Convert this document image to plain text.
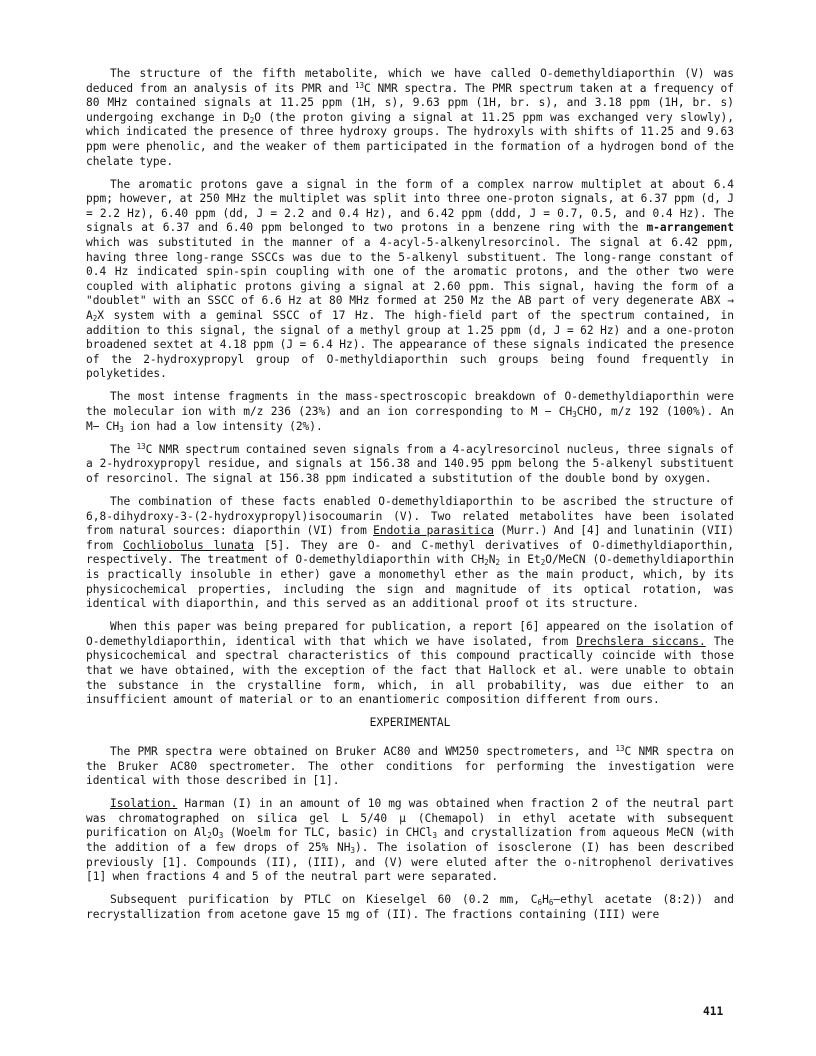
The structure of the fifth metabolite, which we have called O-demethyldiaporthin (V) was deduced from an analysis of its PMR and $^{13}$C NMR spectra. The PMR spectrum taken at a frequency of 80 MHz contained signals at 11.25 ppm (1H, s), 9.63 ppm (1H, br. s), and 3.18 ppm (1H, br. s) undergoing exchange in $D_2O$ (the proton giving a signal at 11.25 ppm was exchanged very slowly), which indicated the presence of three hydroxy groups. The hydroxyls with shifts of 11.25 and 9.63 ppm were phenolic, and the weaker of them participated in the formation of a hydrogen bond of the chelate type.

The aromatic protons gave a signal in the form of a complex narrow multiplet at about 6.4 ppm; however, at 250 MHz the multiplet was split into three one-proton signals, at 6.37 ppm (d, J = 2.2 Hz), 6.40 ppm (dd, J = 2.2 and 0.4 Hz), and 6.42 ppm (ddd, J = 0.7, 0.5, and 0.4 Hz). The signals at 6.37 and 6.40 ppm belonged to two protons in a benzene ring with the m-arrangement which was substituted in the manner of a 4-acyl-5-alkenylresorcinol. The signal at 6.42 ppm, having three long-range SSCCs was due to the 5-alkenyl substituent. The long-range constant of 0.4 Hz indicated spin-spin coupling with one of the aromatic protons, and the other two were coupled with aliphatic protons giving a signal at 2.60 ppm. This signal, having the form of a "doublet" with an SSCC of 6.6 Hz at 80 MHz formed at 250 Mz the AB part of very degenerate ABX → $A_2X$ system with a geminal SSCC of 17 Hz. The high-field part of the spectrum contained, in addition to this signal, the signal of a methyl group at 1.25 ppm (d, J = 62 Hz) and a one-proton broadened sextet at 4.18 ppm (J = 6.4 Hz). The appearance of these signals indicated the presence of the 2-hydroxypropyl group of O-methyldiaporthin such groups being found frequently in polyketides.

The most intense fragments in the mass-spectroscopic breakdown of O-demethyldiaporthin were the molecular ion with m/z 236 (23%) and an ion corresponding to $M - CH_3CHO$, m/z 192 (100%). An $M- CH_3$ ion had a low intensity (2%).

The $^{13}$C NMR spectrum contained seven signals from a 4-acylresorcinol nucleus, three signals of a 2-hydroxypropyl residue, and signals at 156.38 and 140.95 ppm belong the 5-alkenyl substituent of resorcinol. The signal at 156.38 ppm indicated a substitution of the double bond by oxygen.

The combination of these facts enabled O-demethyldiaporthin to be ascribed the structure of 6,8-dihydroxy-3-(2-hydroxypropyl)isocoumarin (V). Two related metabolites have been isolated from natural sources: diaporthin (VI) from Endotia parasitica (Murr.) And [4] and lunatinin (VII) from Cochliobolus lunata [5]. They are O- and C-methyl derivatives of O-dimethyldiaporthin, respectively. The treatment of O-demethyldiaporthin with $CH_2N_2$ in $Et_2O$/MeCN (O-demethyldiaporthin is practically insoluble in ether) gave a monomethyl ether as the main product, which, by its physicochemical properties, including the sign and magnitude of its optical rotation, was identical with diaporthin, and this served as an additional proof ot its structure.

When this paper was being prepared for publication, a report [6] appeared on the isolation of O-demethyldiaporthin, identical with that which we have isolated, from Drechslera siccans. The physicochemical and spectral characteristics of this compound practically coincide with those that we have obtained, with the exception of the fact that Hallock et al. were unable to obtain the substance in the crystalline form, which, in all probability, was due either to an insufficient amount of material or to an enantiomeric composition different from ours.

EXPERIMENTAL

The PMR spectra were obtained on Bruker AC80 and WM250 spectrometers, and $^{13}$C NMR spectra on the Bruker AC80 spectrometer. The other conditions for performing the investigation were identical with those described in [1].

Isolation. Harman (I) in an amount of 10 mg was obtained when fraction 2 of the neutral part was chromatographed on silica gel L 5/40 μ (Chemapol) in ethyl acetate with subsequent purification on $Al_2O_3$ (Woelm for TLC, basic) in CHCl$_3$ and crystallization from aqueous MeCN (with the addition of a few drops of 25% $NH_3$). The isolation of isosclerone (I) has been described previously [1]. Compounds (II), (III), and (V) were eluted after the o-nitrophenol derivatives [1] when fractions 4 and 5 of the neutral part were separated.

Subsequent purification by PTLC on Kieselgel 60 (0.2 mm, $C_6H_6$–ethyl acetate (8:2)) and recrystallization from acetone gave 15 mg of (II). The fractions containing (III) were

411
